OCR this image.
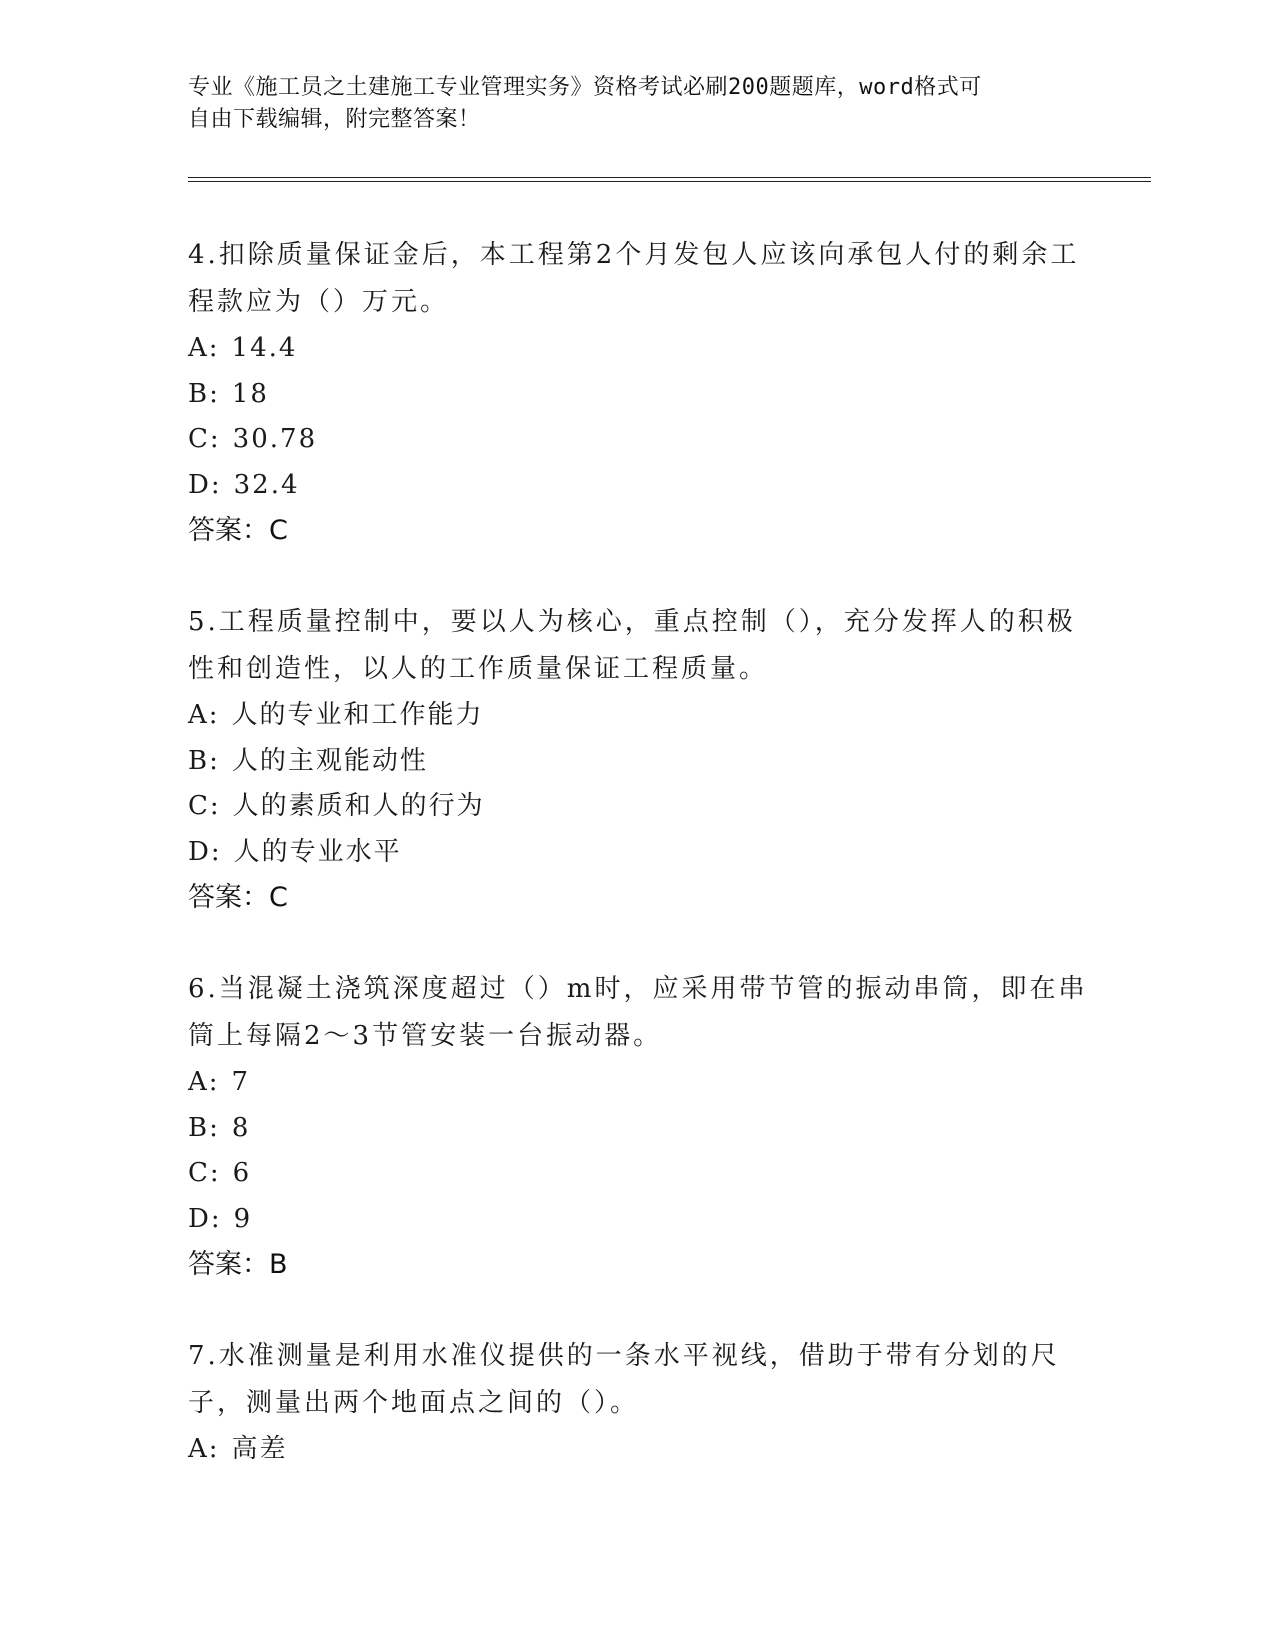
专业《施工员之土建施工专业管理实务》资格考试必刷200题题库，word格式可
自由下载编辑，附完整答案！

4.扣除质量保证金后，本工程第2个月发包人应该向承包人付的剩余工程款应为（）万元。

A: 14.4

B: 18

C: 30.78

D: 32.4

答案：C

5.工程质量控制中，要以人为核心，重点控制（），充分发挥人的积极性和创造性，以人的工作质量保证工程质量。

A: 人的专业和工作能力

B: 人的主观能动性

C: 人的素质和人的行为

D: 人的专业水平

答案：C

6.当混凝土浇筑深度超过（）m时，应采用带节管的振动串筒，即在串筒上每隔2～3节管安装一台振动器。

A: 7

B: 8

C: 6

D: 9

答案：B

7.水准测量是利用水准仪提供的一条水平视线，借助于带有分划的尺子，测量出两个地面点之间的（）。

A: 高差
